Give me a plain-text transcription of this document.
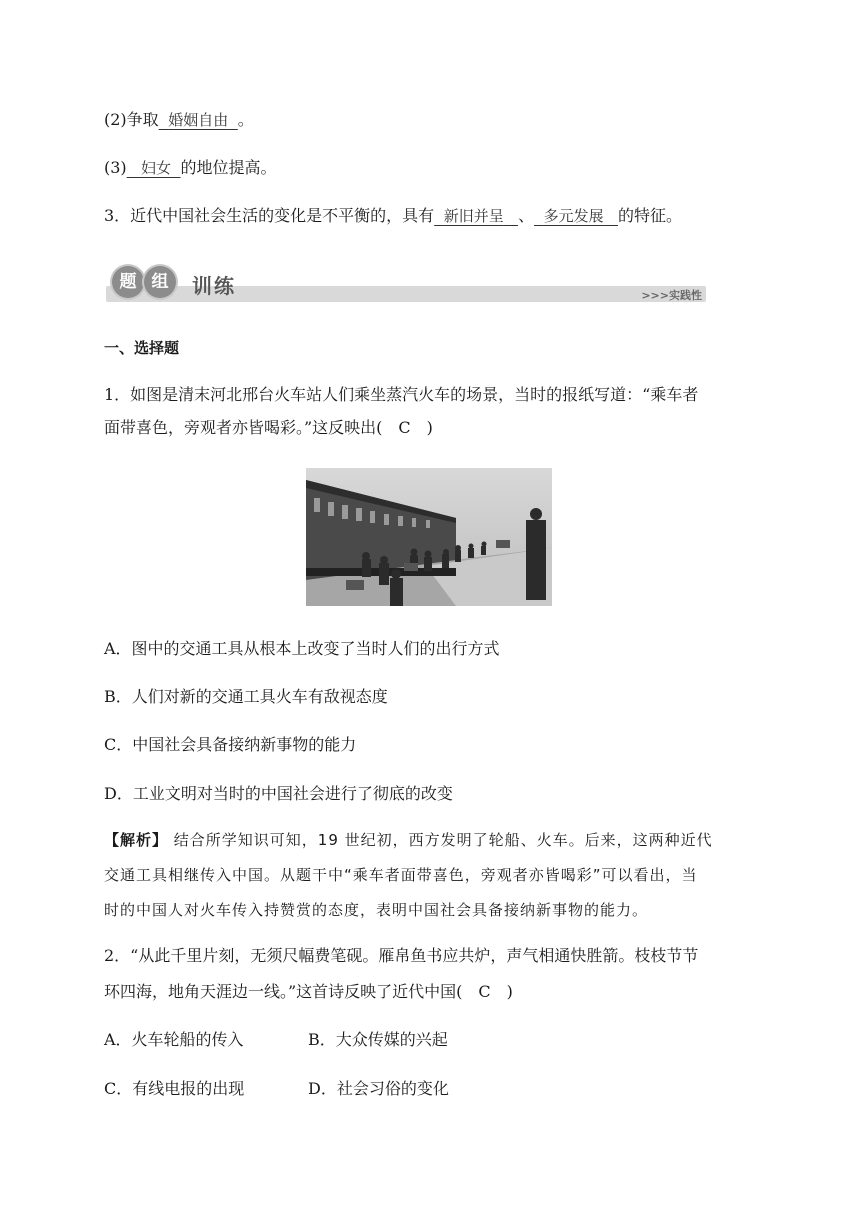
(2)争取 婚姻自由 。
(3) 妇女 的地位提高。
3．近代中国社会生活的变化是不平衡的，具有 新旧并呈 、 多元发展 的特征。
题 组	训练	>>>实践性
一、选择题
1．如图是清末河北邢台火车站人们乘坐蒸汽火车的场景，当时的报纸写道：“乘车者
面带喜色，旁观者亦皆喝彩。”这反映出(　C　)
A．图中的交通工具从根本上改变了当时人们的出行方式
B．人们对新的交通工具火车有敌视态度
C．中国社会具备接纳新事物的能力
D．工业文明对当时的中国社会进行了彻底的改变
【解析】 结合所学知识可知，19 世纪初，西方发明了轮船、火车。后来，这两种近代
交通工具相继传入中国。从题干中“乘车者面带喜色，旁观者亦皆喝彩”可以看出，当
时的中国人对火车传入持赞赏的态度，表明中国社会具备接纳新事物的能力。
2．“从此千里片刻，无须尺幅费笔砚。雁帛鱼书应共炉，声气相通快胜箭。枝枝节节
环四海，地角天涯边一线。”这首诗反映了近代中国(　C　)
A．火车轮船的传入	B．大众传媒的兴起
C．有线电报的出现	D．社会习俗的变化
